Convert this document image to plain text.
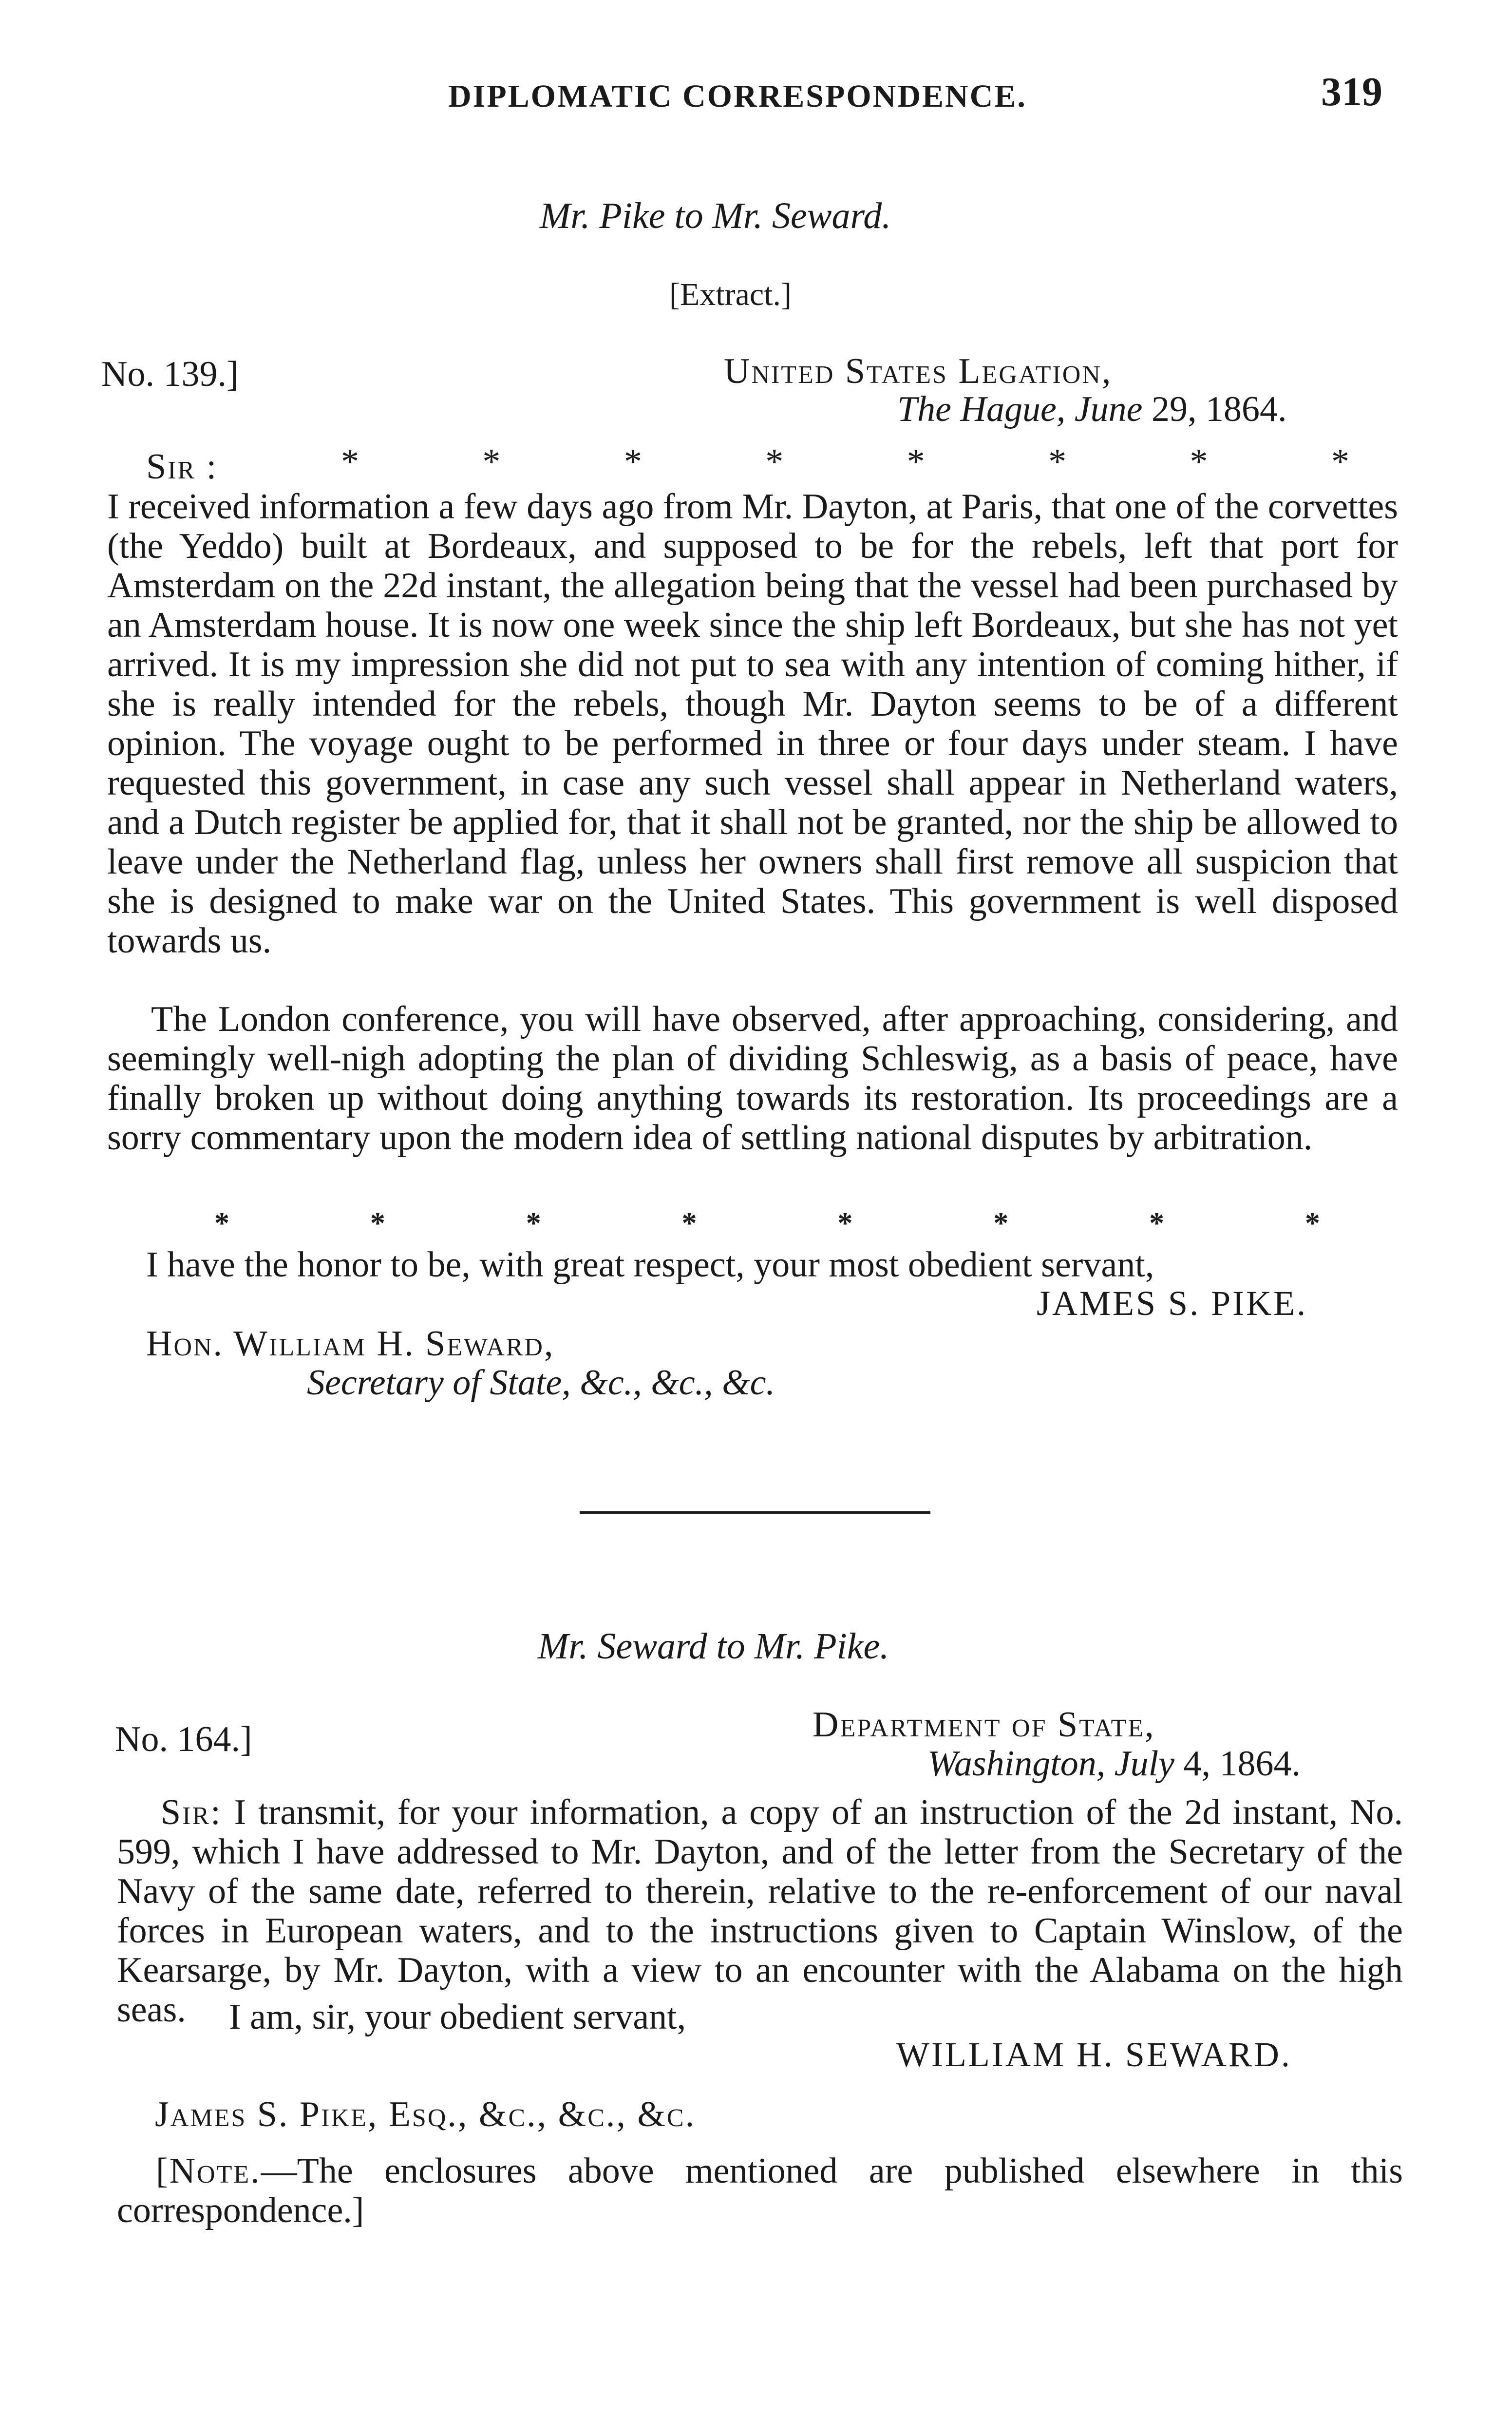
DIPLOMATIC CORRESPONDENCE.	319
Mr. Pike to Mr. Seward.
[Extract.]
No. 139.]	United States Legation,
The Hague, June 29, 1864.
Sir :	*	*	*	*	*	*	*	*
I received information a few days ago from Mr. Dayton, at Paris, that one of the corvettes (the Yeddo) built at Bordeaux, and supposed to be for the rebels, left that port for Amsterdam on the 22d instant, the allegation being that the vessel had been purchased by an Amsterdam house. It is now one week since the ship left Bordeaux, but she has not yet arrived. It is my impression she did not put to sea with any intention of coming hither, if she is really intended for the rebels, though Mr. Dayton seems to be of a different opinion. The voyage ought to be performed in three or four days under steam. I have requested this government, in case any such vessel shall appear in Netherland waters, and a Dutch register be applied for, that it shall not be granted, nor the ship be allowed to leave under the Netherland flag, unless her owners shall first remove all suspicion that she is designed to make war on the United States. This government is well disposed towards us.
The London conference, you will have observed, after approaching, considering, and seemingly well-nigh adopting the plan of dividing Schleswig, as a basis of peace, have finally broken up without doing anything towards its restoration. Its proceedings are a sorry commentary upon the modern idea of settling national disputes by arbitration.
*	*	*	*	*	*	*	*
I have the honor to be, with great respect, your most obedient servant,
JAMES S. PIKE.
Hon. William H. Seward,
Secretary of State, &c., &c., &c.
Mr. Seward to Mr. Pike.
No. 164.]	Department of State,
Washington, July 4, 1864.
Sir: I transmit, for your information, a copy of an instruction of the 2d instant, No. 599, which I have addressed to Mr. Dayton, and of the letter from the Secretary of the Navy of the same date, referred to therein, relative to the re-enforcement of our naval forces in European waters, and to the instructions given to Captain Winslow, of the Kearsarge, by Mr. Dayton, with a view to an encounter with the Alabama on the high seas.	I am, sir, your obedient servant,
WILLIAM H. SEWARD.
James S. Pike, Esq., &c., &c., &c.
[Note.—The enclosures above mentioned are published elsewhere in this correspondence.]
